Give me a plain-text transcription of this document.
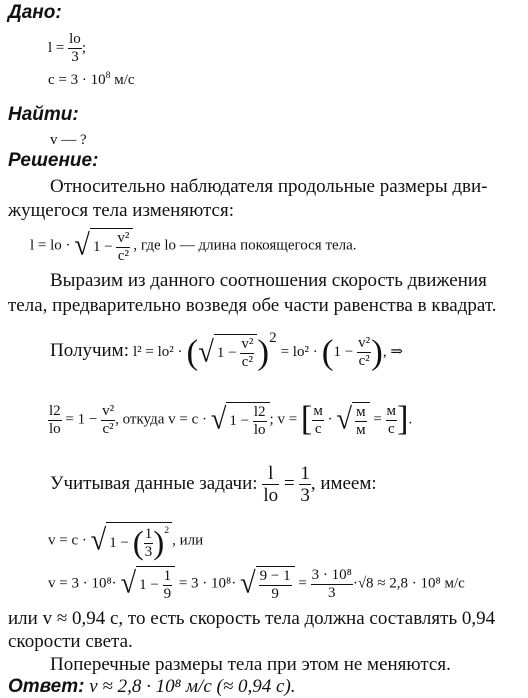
Дано:
$l = \frac{lo}{3}$ ;
$c = 3 \cdot 10^8$ м/с
Найти:
v — ?
Решение:
Относительно наблюдателя продольные размеры дви-
жущегося тела изменяются:
l = lo · √ $1 - \frac{\text{v²}}{\text{c²}}$ , где lo — длина покоящегося тела.
Выразим из данного соотношения скорость движения
тела, предварительно возведя обе части равенства в квадрат.
Получим: l² = lo² · (√ $1 - \frac{\text{v²}}{\text{c²}} )^2 = lo^2 \cdot (1 - \frac{\text{v²}}{\text{c²}}$ ), ⇒
$\frac{l2}{lo} = 1 - \frac{\text{v²}}{\text{c²}}$ , откуда v = c · √ $1 - \frac{l2}{lo}$ ; v = [ $\frac{м}{с}$ · √ $\frac{м}{м} = \frac{м}{с}$ ].
Учитывая данные задачи: $\frac{l}{lo} = \frac{1}{3}$ , имеем:
v = c · √ 1 − ( $\frac{1}{3} )^2$, или
v = 3 · 10⁸· √ $1 - \frac{1}{9} = 3 \cdot 10^8\cdot$ √ $\frac{9 - 1}{9} = \frac{\text{3 · 10⁸}}{3} \cdot√8 \approx 2,8 \cdot 10^8$ м/с
или v ≈ 0,94 c, то есть скорость тела должна составлять 0,94
скорости света.
Поперечные размеры тела при этом не меняются.
Ответ: v ≈ 2,8 · 10⁸ м/с (≈ 0,94 c).
